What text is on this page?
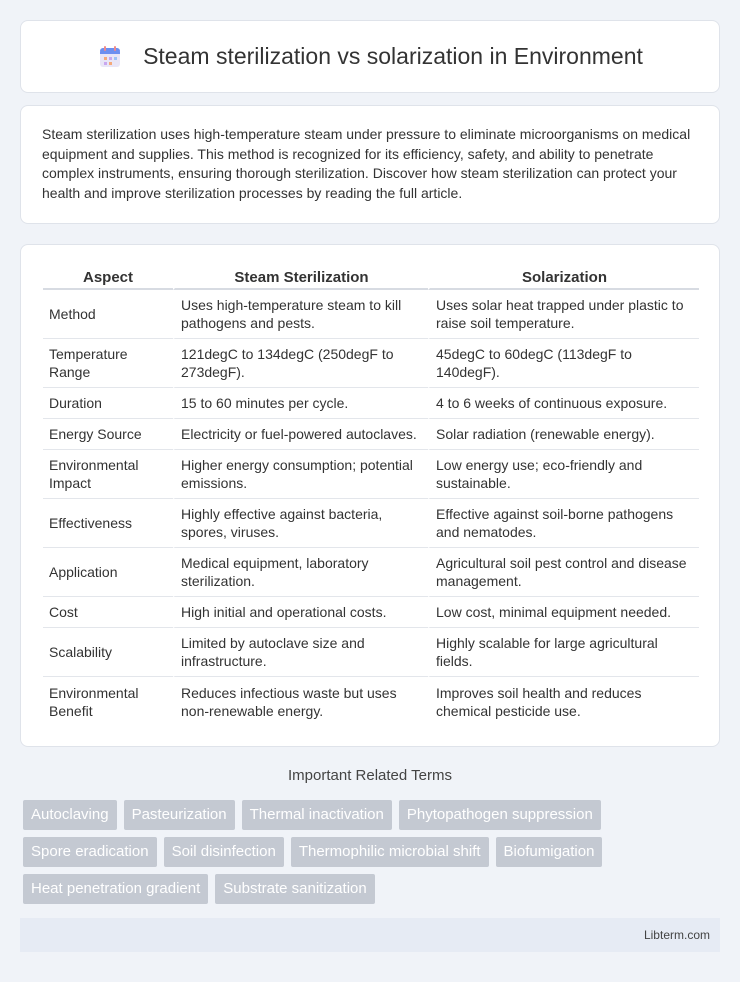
Steam sterilization vs solarization in Environment

Steam sterilization uses high-temperature steam under pressure to eliminate microorganisms on medical equipment and supplies. This method is recognized for its efficiency, safety, and ability to penetrate complex instruments, ensuring thorough sterilization. Discover how steam sterilization can protect your health and improve sterilization processes by reading the full article.

Aspect	Steam Sterilization	Solarization
Method	Uses high-temperature steam to kill pathogens and pests.	Uses solar heat trapped under plastic to raise soil temperature.
Temperature Range	121degC to 134degC (250degF to 273degF).	45degC to 60degC (113degF to 140degF).
Duration	15 to 60 minutes per cycle.	4 to 6 weeks of continuous exposure.
Energy Source	Electricity or fuel-powered autoclaves.	Solar radiation (renewable energy).
Environmental Impact	Higher energy consumption; potential emissions.	Low energy use; eco-friendly and sustainable.
Effectiveness	Highly effective against bacteria, spores, viruses.	Effective against soil-borne pathogens and nematodes.
Application	Medical equipment, laboratory sterilization.	Agricultural soil pest control and disease management.
Cost	High initial and operational costs.	Low cost, minimal equipment needed.
Scalability	Limited by autoclave size and infrastructure.	Highly scalable for large agricultural fields.
Environmental Benefit	Reduces infectious waste but uses non-renewable energy.	Improves soil health and reduces chemical pesticide use.
Important Related Terms
Autoclaving	Pasteurization	Thermal inactivation	Phytopathogen suppression
Spore eradication	Soil disinfection	Thermophilic microbial shift	Biofumigation
Heat penetration gradient	Substrate sanitization
Libterm.com
